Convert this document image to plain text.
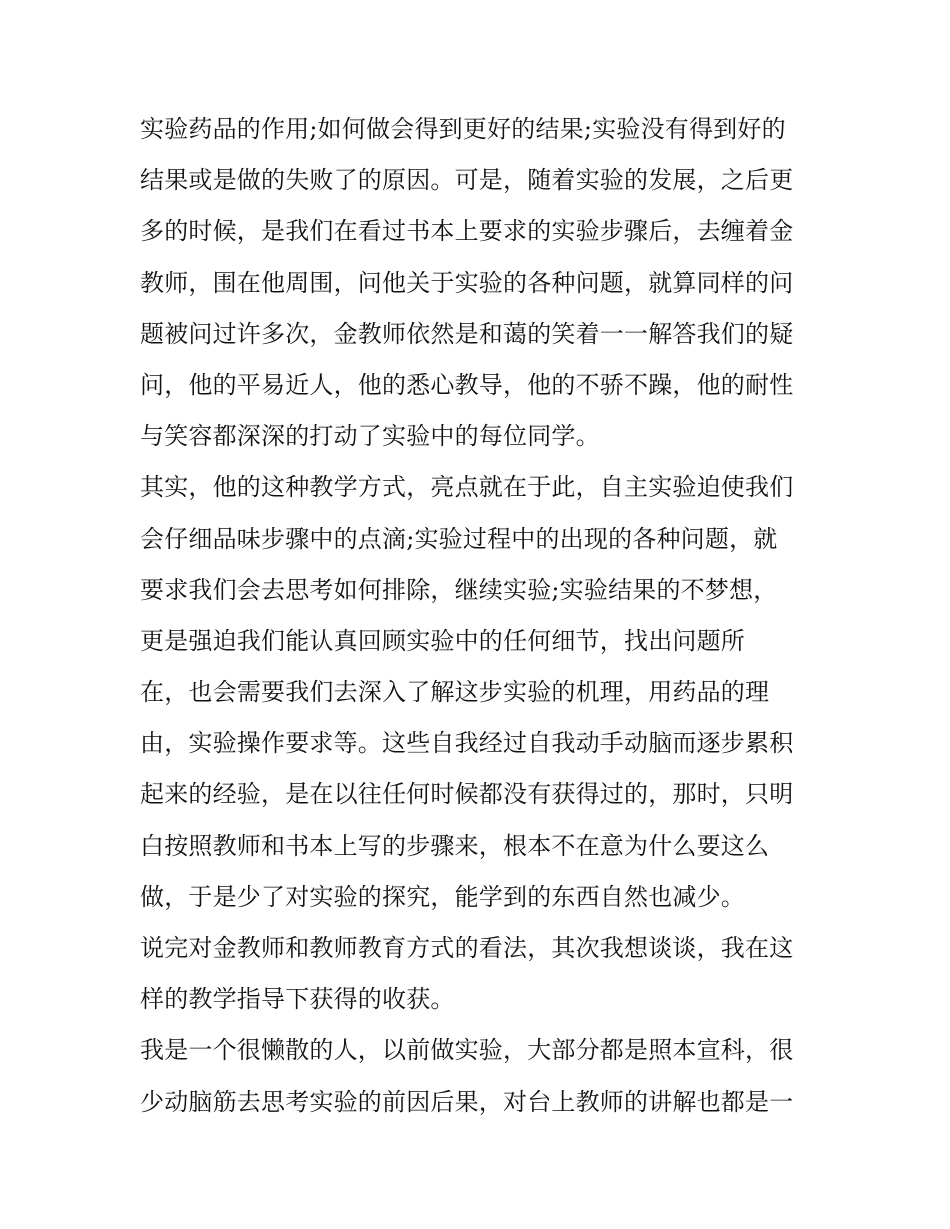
实验药品的作用;如何做会得到更好的结果;实验没有得到好的
结果或是做的失败了的原因。可是，随着实验的发展，之后更
多的时候，是我们在看过书本上要求的实验步骤后，去缠着金
教师，围在他周围，问他关于实验的各种问题，就算同样的问
题被问过许多次，金教师依然是和蔼的笑着一一解答我们的疑
问，他的平易近人，他的悉心教导，他的不骄不躁，他的耐性
与笑容都深深的打动了实验中的每位同学。
其实，他的这种教学方式，亮点就在于此，自主实验迫使我们
会仔细品味步骤中的点滴;实验过程中的出现的各种问题，就
要求我们会去思考如何排除，继续实验;实验结果的不梦想，
更是强迫我们能认真回顾实验中的任何细节，找出问题所
在，也会需要我们去深入了解这步实验的机理，用药品的理
由，实验操作要求等。这些自我经过自我动手动脑而逐步累积
起来的经验，是在以往任何时候都没有获得过的，那时，只明
白按照教师和书本上写的步骤来，根本不在意为什么要这么
做，于是少了对实验的探究，能学到的东西自然也减少。
说完对金教师和教师教育方式的看法，其次我想谈谈，我在这
样的教学指导下获得的收获。
我是一个很懒散的人，以前做实验，大部分都是照本宣科，很
少动脑筋去思考实验的前因后果，对台上教师的讲解也都是一
